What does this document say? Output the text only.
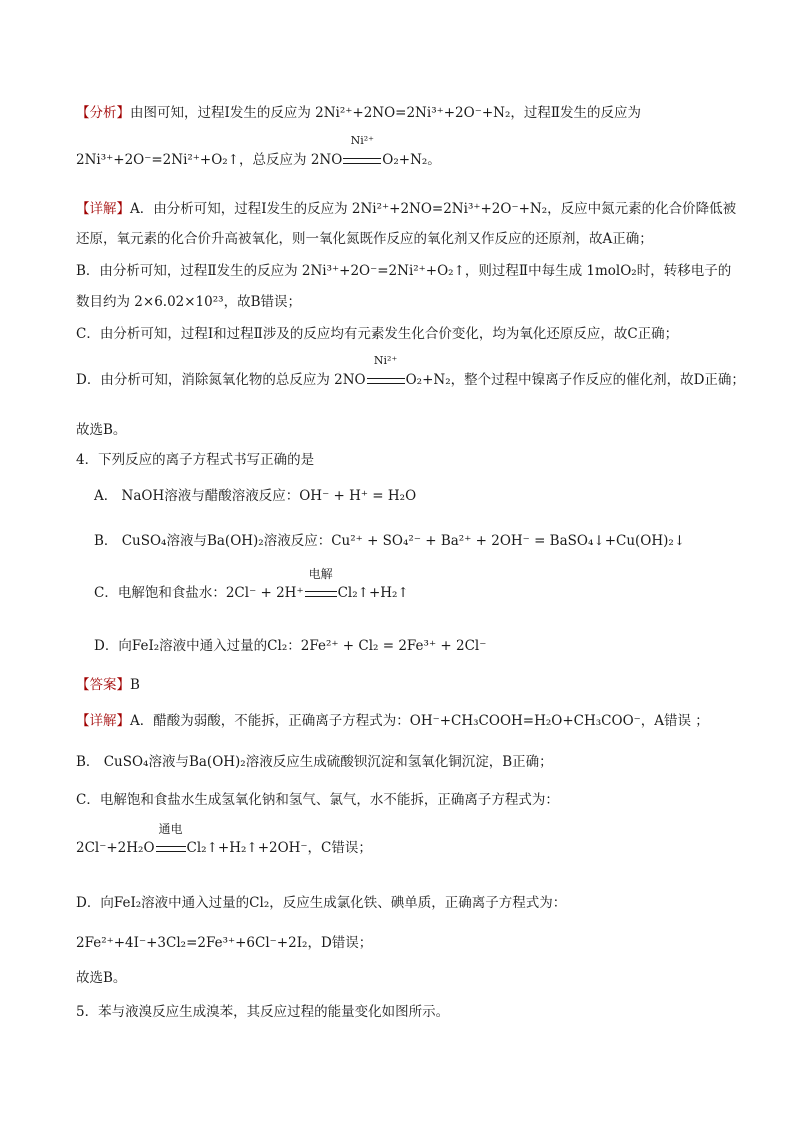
【分析】由图可知，过程Ⅰ发生的反应为 2Ni²⁺+2NO=2Ni³⁺+2O⁻+N₂，过程Ⅱ发生的反应为
2Ni³⁺+2O⁻=2Ni²⁺+O₂↑，总反应为 2NO
Ni²⁺
O₂+N₂。
【详解】A．由分析可知，过程Ⅰ发生的反应为 2Ni²⁺+2NO=2Ni³⁺+2O⁻+N₂，反应中氮元素的化合价降低被
还原，氧元素的化合价升高被氧化，则一氧化氮既作反应的氧化剂又作反应的还原剂，故A正确；
B．由分析可知，过程Ⅱ发生的反应为 2Ni³⁺+2O⁻=2Ni²⁺+O₂↑，则过程Ⅱ中每生成 1molO₂时，转移电子的
数目约为 2×6.02×10²³，故B错误；
C．由分析可知，过程Ⅰ和过程Ⅱ涉及的反应均有元素发生化合价变化，均为氧化还原反应，故C正确；
D．由分析可知，消除氮氧化物的总反应为 2NO
Ni²⁺
O₂+N₂，整个过程中镍离子作反应的催化剂，故D正确；
故选B。
4．下列反应的离子方程式书写正确的是
A． NaOH溶液与醋酸溶液反应：OH⁻ + H⁺ = H₂O
B． CuSO₄溶液与Ba(OH)₂溶液反应：Cu²⁺ + SO₄²⁻ + Ba²⁺ + 2OH⁻ = BaSO₄↓+Cu(OH)₂↓
C．电解饱和食盐水：2Cl⁻ + 2H⁺
电解
Cl₂↑+H₂↑
D．向FeI₂溶液中通入过量的Cl₂：2Fe²⁺ + Cl₂ = 2Fe³⁺ + 2Cl⁻
【答案】B
【详解】A．醋酸为弱酸，不能拆，正确离子方程式为：OH⁻+CH₃COOH=H₂O+CH₃COO⁻，A错误 ；
B． CuSO₄溶液与Ba(OH)₂溶液反应生成硫酸钡沉淀和氢氧化铜沉淀，B正确；
C．电解饱和食盐水生成氢氧化钠和氢气、氯气，水不能拆，正确离子方程式为：
2Cl⁻+2H₂O
通电
Cl₂↑+H₂↑+2OH⁻，C错误；
D．向FeI₂溶液中通入过量的Cl₂，反应生成氯化铁、碘单质，正确离子方程式为：
2Fe²⁺+4I⁻+3Cl₂=2Fe³⁺+6Cl⁻+2I₂，D错误；
故选B。
5．苯与液溴反应生成溴苯，其反应过程的能量变化如图所示。
